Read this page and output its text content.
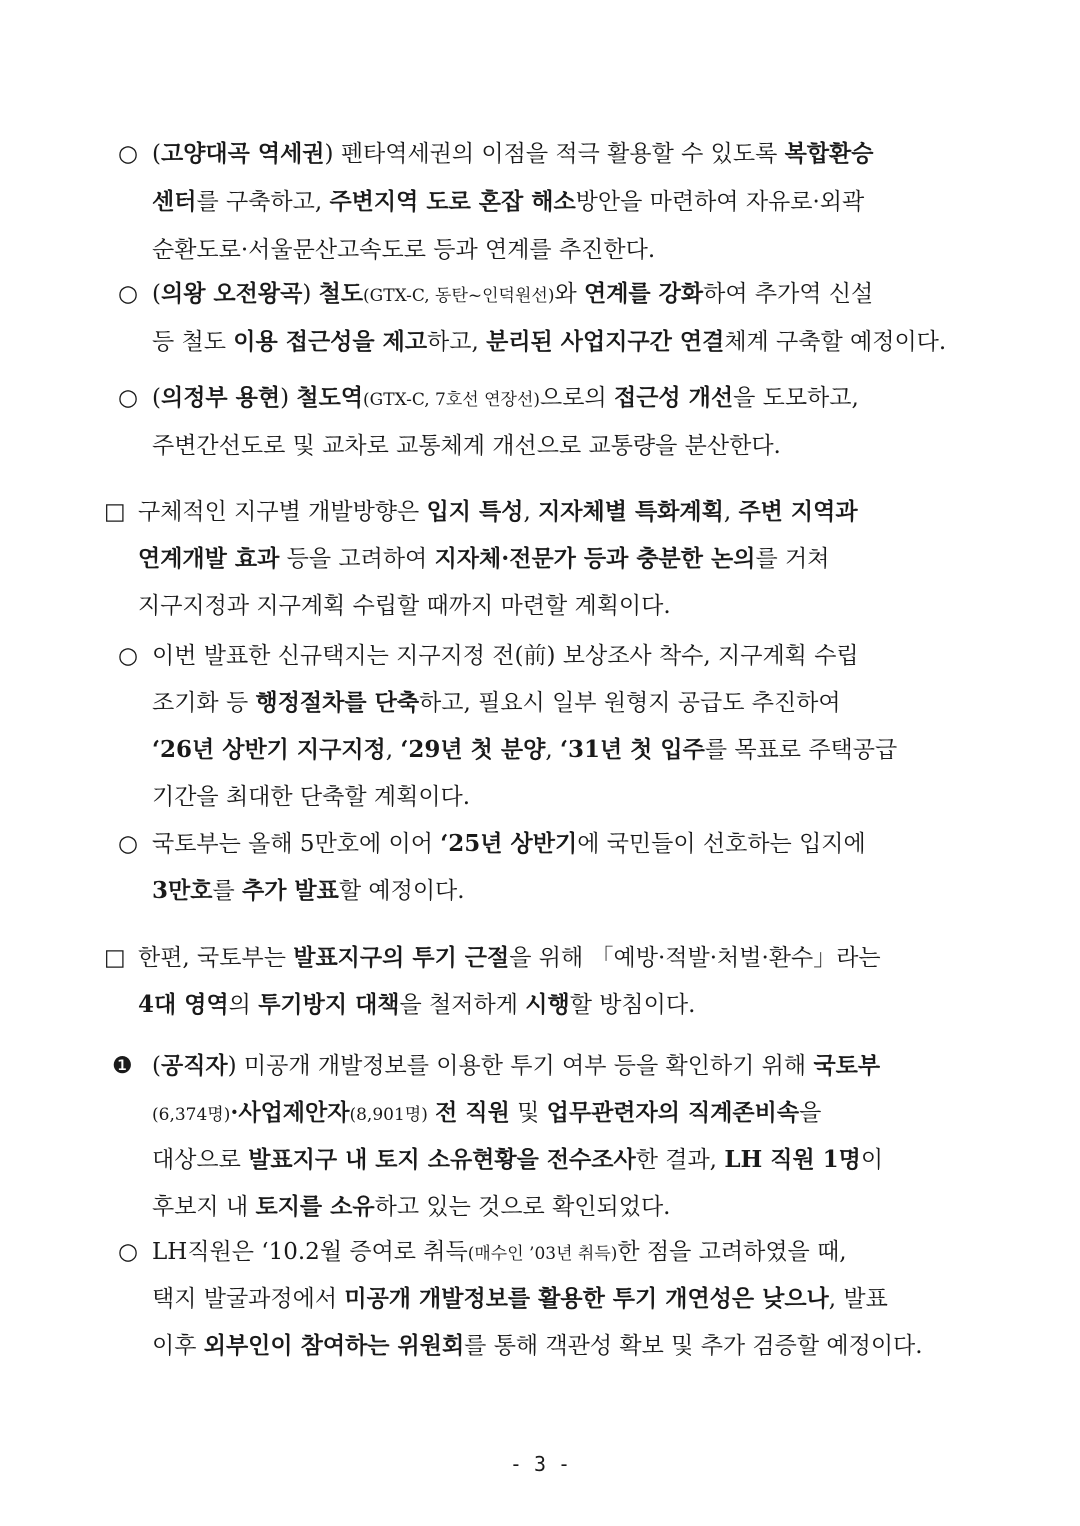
○ (고양대곡 역세권) 펜타역세권의 이점을 적극 활용할 수 있도록 복합환승
센터를 구축하고, 주변지역 도로 혼잡 해소방안을 마련하여 자유로·외곽
순환도로·서울문산고속도로 등과 연계를 추진한다.
○ (의왕 오전왕곡) 철도(GTX-C, 동탄~인덕원선)와 연계를 강화하여 추가역 신설
등 철도 이용 접근성을 제고하고, 분리된 사업지구간 연결체계 구축할 예정이다.
○ (의정부 용현) 철도역(GTX-C, 7호선 연장선)으로의 접근성 개선을 도모하고,
주변간선도로 및 교차로 교통체계 개선으로 교통량을 분산한다.
□ 구체적인 지구별 개발방향은 입지 특성, 지자체별 특화계획, 주변 지역과
연계개발 효과 등을 고려하여 지자체·전문가 등과 충분한 논의를 거쳐
지구지정과 지구계획 수립할 때까지 마련할 계획이다.
○ 이번 발표한 신규택지는 지구지정 전(前) 보상조사 착수, 지구계획 수립
조기화 등 행정절차를 단축하고, 필요시 일부 원형지 공급도 추진하여
‘26년 상반기 지구지정, ‘29년 첫 분양, ‘31년 첫 입주를 목표로 주택공급
기간을 최대한 단축할 계획이다.
○ 국토부는 올해 5만호에 이어 ‘25년 상반기에 국민들이 선호하는 입지에
3만호를 추가 발표할 예정이다.
□ 한편, 국토부는 발표지구의 투기 근절을 위해 「예방·적발·처벌·환수」라는
4대 영역의 투기방지 대책을 철저하게 시행할 방침이다.
❶ (공직자) 미공개 개발정보를 이용한 투기 여부 등을 확인하기 위해 국토부
(6,374명)·사업제안자(8,901명) 전 직원 및 업무관련자의 직계존비속을
대상으로 발표지구 내 토지 소유현황을 전수조사한 결과, LH 직원 1명이
후보지 내 토지를 소유하고 있는 것으로 확인되었다.
○ LH직원은 ‘10.2월 증여로 취득(매수인 ’03년 취득)한 점을 고려하였을 때,
택지 발굴과정에서 미공개 개발정보를 활용한 투기 개연성은 낮으나, 발표
이후 외부인이 참여하는 위원회를 통해 객관성 확보 및 추가 검증할 예정이다.
- 3 -
